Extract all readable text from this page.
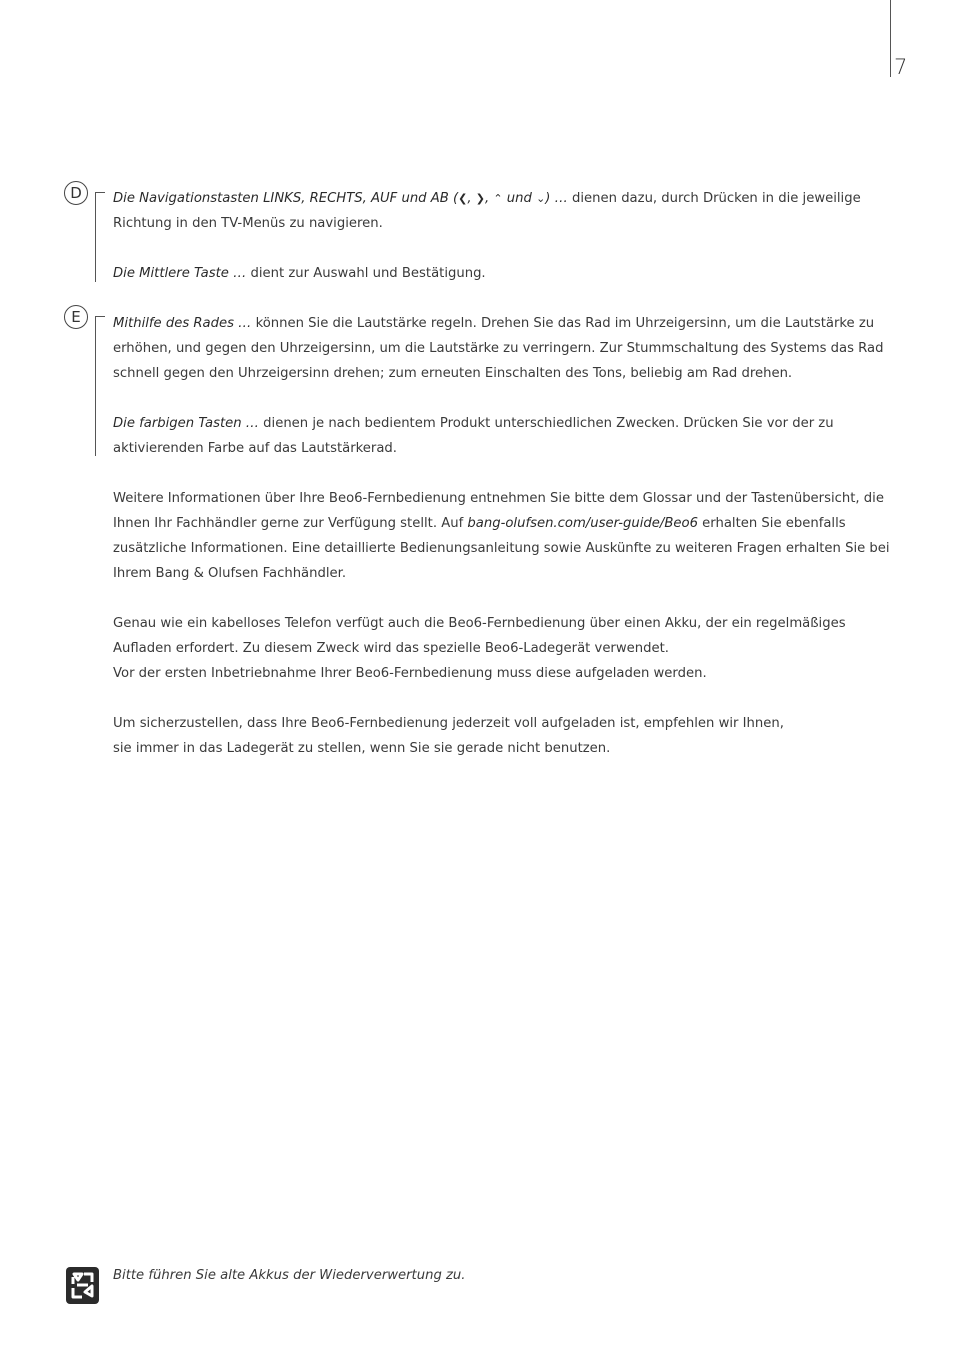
7
D
E

Die Navigationstasten LINKS, RECHTS, AUF und AB (❮, ❯, ⌃ und ⌄) … dienen dazu, durch Drücken in die jeweilige Richtung in den TV-Menüs zu navigieren.

Die Mittlere Taste … dient zur Auswahl und Bestätigung.

Mithilfe des Rades … können Sie die Lautstärke regeln. Drehen Sie das Rad im Uhrzeigersinn, um die Lautstärke zu erhöhen, und gegen den Uhrzeigersinn, um die Lautstärke zu verringern. Zur Stummschaltung des Systems das Rad schnell gegen den Uhrzeigersinn drehen; zum erneuten Einschalten des Tons, beliebig am Rad drehen.

Die farbigen Tasten … dienen je nach bedientem Produkt unterschiedlichen Zwecken. Drücken Sie vor der zu aktivierenden Farbe auf das Lautstärkerad.

Weitere Informationen über Ihre Beo6-Fernbedienung entnehmen Sie bitte dem Glossar und der Tastenübersicht, die Ihnen Ihr Fachhändler gerne zur Verfügung stellt. Auf bang-olufsen.com/user-guide/Beo6 erhalten Sie ebenfalls zusätzliche Informationen. Eine detaillierte Bedienungsanleitung sowie Auskünfte zu weiteren Fragen erhalten Sie bei Ihrem Bang & Olufsen Fachhändler.

Genau wie ein kabelloses Telefon verfügt auch die Beo6-Fernbedienung über einen Akku, der ein regelmäßiges Aufladen erfordert. Zu diesem Zweck wird das spezielle Beo6-Ladegerät verwendet.
Vor der ersten Inbetriebnahme Ihrer Beo6-Fernbedienung muss diese aufgeladen werden.

Um sicherzustellen, dass Ihre Beo6-Fernbedienung jederzeit voll aufgeladen ist, empfehlen wir Ihnen,
sie immer in das Ladegerät zu stellen, wenn Sie sie gerade nicht benutzen.

Bitte führen Sie alte Akkus der Wiederverwertung zu.
